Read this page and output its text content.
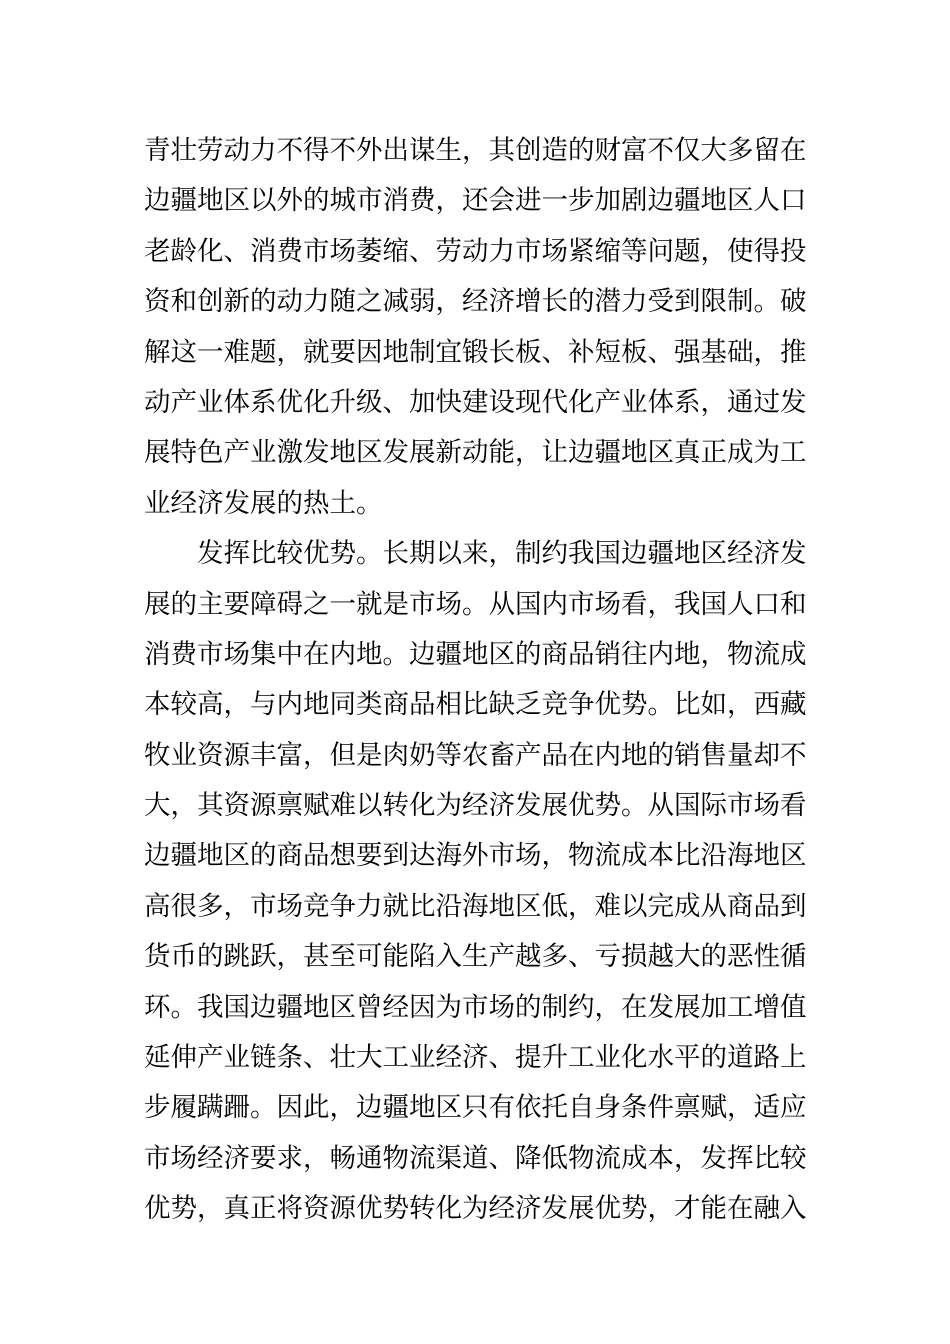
青壮劳动力不得不外出谋生，其创造的财富不仅大多留在
边疆地区以外的城市消费，还会进一步加剧边疆地区人口
老龄化、消费市场萎缩、劳动力市场紧缩等问题，使得投
资和创新的动力随之减弱，经济增长的潜力受到限制。破
解这一难题，就要因地制宜锻长板、补短板、强基础，推
动产业体系优化升级、加快建设现代化产业体系，通过发
展特色产业激发地区发展新动能，让边疆地区真正成为工
业经济发展的热土。
发挥比较优势。长期以来，制约我国边疆地区经济发
展的主要障碍之一就是市场。从国内市场看，我国人口和
消费市场集中在内地。边疆地区的商品销往内地，物流成
本较高，与内地同类商品相比缺乏竞争优势。比如，西藏
牧业资源丰富，但是肉奶等农畜产品在内地的销售量却不
大，其资源禀赋难以转化为经济发展优势。从国际市场看
边疆地区的商品想要到达海外市场，物流成本比沿海地区
高很多，市场竞争力就比沿海地区低，难以完成从商品到
货币的跳跃，甚至可能陷入生产越多、亏损越大的恶性循
环。我国边疆地区曾经因为市场的制约，在发展加工增值
延伸产业链条、壮大工业经济、提升工业化水平的道路上
步履蹒跚。因此，边疆地区只有依托自身条件禀赋，适应
市场经济要求，畅通物流渠道、降低物流成本，发挥比较
优势，真正将资源优势转化为经济发展优势，才能在融入
